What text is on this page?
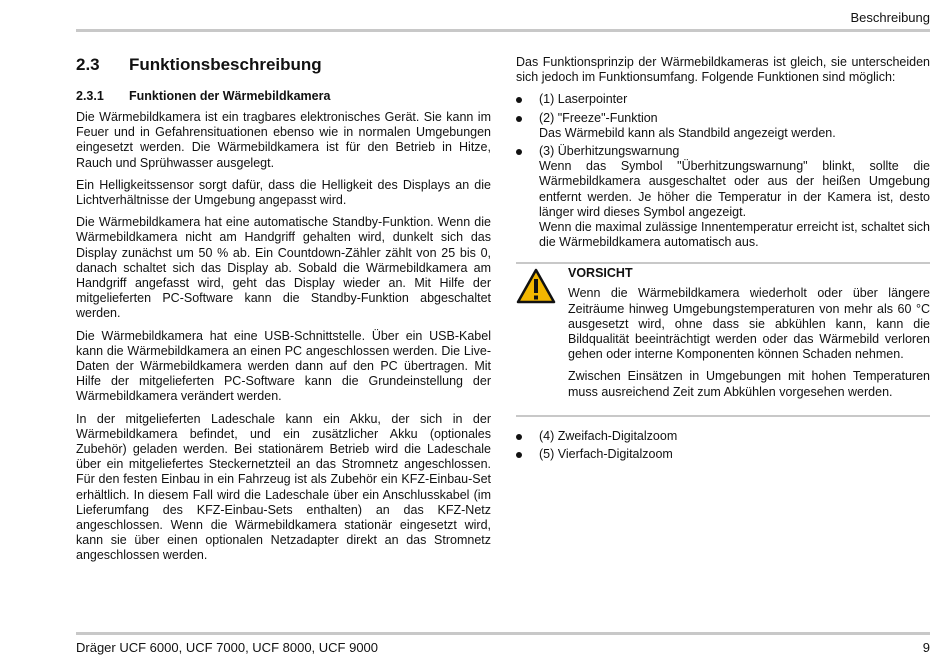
Beschreibung
2.3	Funktionsbeschreibung
2.3.1	Funktionen der Wärmebildkamera

Die Wärmebildkamera ist ein tragbares elektronisches Gerät. Sie kann im Feuer und in Gefahrensituationen ebenso wie in normalen Umgebungen eingesetzt werden. Die Wärmebildkamera ist für den Betrieb in Hitze, Rauch und Sprühwasser ausgelegt.

Ein Helligkeitssensor sorgt dafür, dass die Helligkeit des Displays an die Lichtverhältnisse der Umgebung angepasst wird.

Die Wärmebildkamera hat eine automatische Standby-Funktion. Wenn die Wärmebildkamera nicht am Handgriff gehalten wird, dunkelt sich das Display zunächst um 50 % ab. Ein Countdown-Zähler zählt von 25 bis 0, danach schaltet sich das Display ab. Sobald die Wärmebildkamera am Handgriff angefasst wird, geht das Display wieder an. Mit Hilfe der mitgelieferten PC-Software kann die Standby-Funktion abgeschaltet werden.

Die Wärmebildkamera hat eine USB-Schnittstelle. Über ein USB-Kabel kann die Wärmebildkamera an einen PC angeschlossen werden. Die Live-Daten der Wärmebildkamera werden dann auf den PC übertragen. Mit Hilfe der mitgelieferten PC-Software kann die Grundeinstellung der Wärmebildkamera verändert werden.

In der mitgelieferten Ladeschale kann ein Akku, der sich in der Wärmebildkamera befindet, und ein zusätzlicher Akku (optionales Zubehör) geladen werden. Bei stationärem Betrieb wird die Ladeschale über ein mitgeliefertes Steckernetzteil an das Stromnetz angeschlossen. Für den festen Einbau in ein Fahrzeug ist als Zubehör ein KFZ-Einbau-Set erhältlich. In diesem Fall wird die Ladeschale über ein Anschlusskabel (im Lieferumfang des KFZ-Einbau-Sets enthalten) an das KFZ-Netz angeschlossen. Wenn die Wärmebildkamera stationär eingesetzt wird, kann sie über einen optionalen Netzadapter direkt an das Stromnetz angeschlossen werden.

Das Funktionsprinzip der Wärmebildkameras ist gleich, sie unterscheiden sich jedoch im Funktionsumfang. Folgende Funktionen sind möglich:

(1) Laserpointer
(2) "Freeze"-Funktion
Das Wärmebild kann als Standbild angezeigt werden.
(3) Überhitzungswarnung
Wenn das Symbol "Überhitzungswarnung" blinkt, sollte die Wärmebildkamera ausgeschaltet oder aus der heißen Umgebung entfernt werden. Je höher die Temperatur in der Kamera ist, desto länger wird dieses Symbol angezeigt.
Wenn die maximal zulässige Innentemperatur erreicht ist, schaltet sich die Wärmebildkamera automatisch aus.
VORSICHT

Wenn die Wärmebildkamera wiederholt oder über längere Zeiträume hinweg Umgebungstemperaturen von mehr als 60 °C ausgesetzt wird, ohne dass sie abkühlen kann, kann die Bildqualität beeinträchtigt werden oder das Wärmebild verloren gehen oder interne Komponenten können Schaden nehmen.

Zwischen Einsätzen in Umgebungen mit hohen Temperaturen muss ausreichend Zeit zum Abkühlen vorgesehen werden.

(4) Zweifach-Digitalzoom
(5) Vierfach-Digitalzoom
Dräger UCF 6000, UCF 7000, UCF 8000, UCF 9000	9
